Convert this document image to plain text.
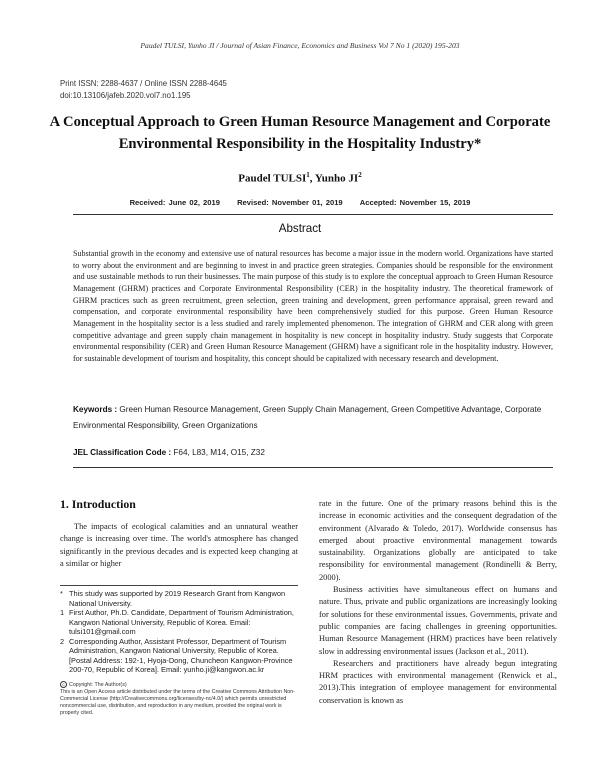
Paudel TULSI, Yunho JI / Journal of Asian Finance, Economics and Business Vol 7 No 1 (2020) 195-203
Print ISSN: 2288-4637 / Online ISSN 2288-4645
doi:10.13106/jafeb.2020.vol7.no1.195
A Conceptual Approach to Green Human Resource Management and Corporate
Environmental Responsibility in the Hospitality Industry*
Paudel TULSI$^1$, Yunho $JI^2$
Received: June 02, 2019 Revised: November 01, 2019 Accepted: November 15, 2019
Abstract
Substantial growth in the economy and extensive use of natural resources has become a major issue in the modern world. Organizations have started to worry about the environment and are beginning to invest in and practice green strategies. Companies should be responsible for the environment and use sustainable methods to run their businesses. The main purpose of this study is to explore the conceptual approach to Green Human Resource Management (GHRM) practices and Corporate Environmental Responsibility (CER) in the hospitality industry. The theoretical framework of GHRM practices such as green recruitment, green selection, green training and development, green performance appraisal, green reward and compensation, and corporate environmental responsibility have been comprehensively studied for this purpose. Green Human Resource Management in the hospitality sector is a less studied and rarely implemented phenomenon. The integration of GHRM and CER along with green competitive advantage and green supply chain management in hospitality is new concept in hospitality industry. Study suggests that Corporate environmental responsibility (CER) and Green Human Resource Management (GHRM) have a significant role in the hospitality industry. However, for sustainable development of tourism and hospitality, this concept should be capitalized with necessary research and development.
Keywords : Green Human Resource Management, Green Supply Chain Management, Green Competitive Advantage, Corporate Environmental Responsibility, Green Organizations
JEL Classification Code : F64, L83, M14, O15, Z32
1. Introduction

The impacts of ecological calamities and an unnatural weather change is increasing over time. The world's atmosphere has changed significantly in the previous decades and is expected keep changing at a similar or higher

rate in the future. One of the primary reasons behind this is the increase in economic activities and the consequent degradation of the environment (Alvarado & Toledo, 2017). Worldwide consensus has emerged about proactive environmental management towards sustainability. Organizations globally are anticipated to take responsibility for environmental management (Rondinelli & Berry, 2000).

Business activities have simultaneous effect on humans and nature. Thus, private and public organizations are increasingly looking for solutions for these environmental issues. Governments, private and public companies are facing challenges in greening opportunities. Human Resource Management (HRM) practices have been relatively slow in addressing environmental issues (Jackson et al., 2011).

Researchers and practitioners have already begun integrating HRM practices with environmental management (Renwick et al., 2013).This integration of employee management for environmental conservation is known as

* This study was supported by 2019 Research Grant from Kangwon National University.
1 First Author, Ph.D. Candidate, Department of Tourism Administration, Kangwon National University, Republic of Korea. Email: tulsi101@gmail.com
2 Corresponding Author, Assistant Professor, Department of Tourism Administration, Kangwon National University, Republic of Korea. [Postal Address: 192-1, Hyoja-Dong, Chuncheon Kangwon-Province 200-70, Republic of Korea]. Email: yunho.ji@kangwon.ac.kr
c Copyright: The Author(s)
This is an Open Access article distributed under the terms of the Creative Commons Attribution Non-Commercial License (http://Creativecommons.org/licenses/by-nc/4.0/) which permits unrestricted noncommercial use, distribution, and reproduction in any medium, provided the original work is properly cited.
